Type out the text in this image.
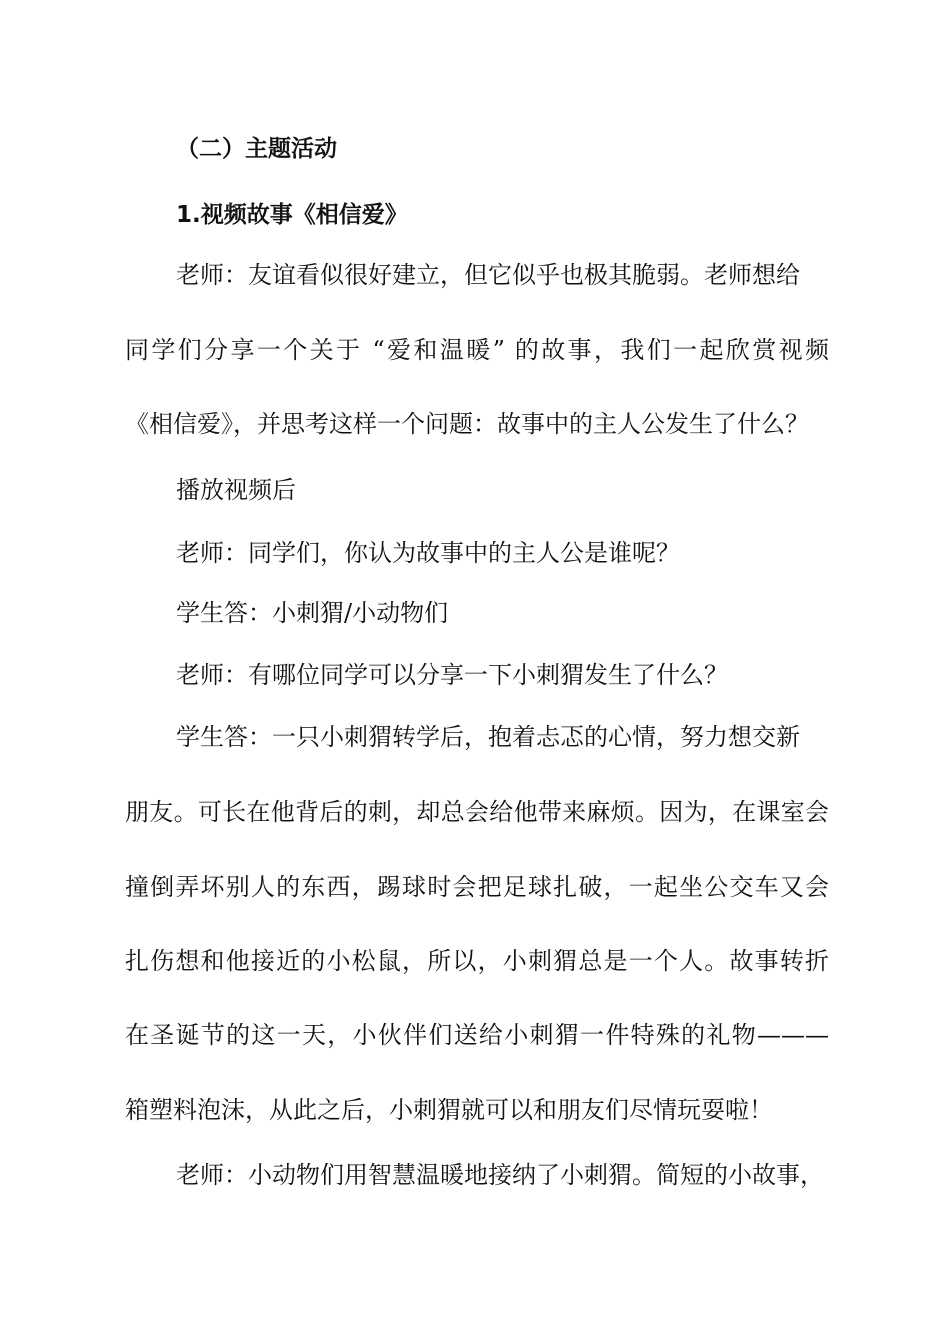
（二）主题活动
1.视频故事《相信爱》
老师：友谊看似很好建立，但它似乎也极其脆弱。老师想给
同学们分享一个关于 “爱和温暖” 的故事，我们一起欣赏视频
《相信爱》，并思考这样一个问题：故事中的主人公发生了什么？
播放视频后
老师：同学们，你认为故事中的主人公是谁呢？
学生答：小刺猬/小动物们
老师：有哪位同学可以分享一下小刺猬发生了什么？
学生答：一只小刺猬转学后，抱着忐忑的心情，努力想交新
朋友。可长在他背后的刺，却总会给他带来麻烦。因为，在课室会
撞倒弄坏别人的东西，踢球时会把足球扎破，一起坐公交车又会
扎伤想和他接近的小松鼠，所以，小刺猬总是一个人。故事转折
在圣诞节的这一天，小伙伴们送给小刺猬一件特殊的礼物———
箱塑料泡沫，从此之后，小刺猬就可以和朋友们尽情玩耍啦！
老师：小动物们用智慧温暖地接纳了小刺猬。简短的小故事，
